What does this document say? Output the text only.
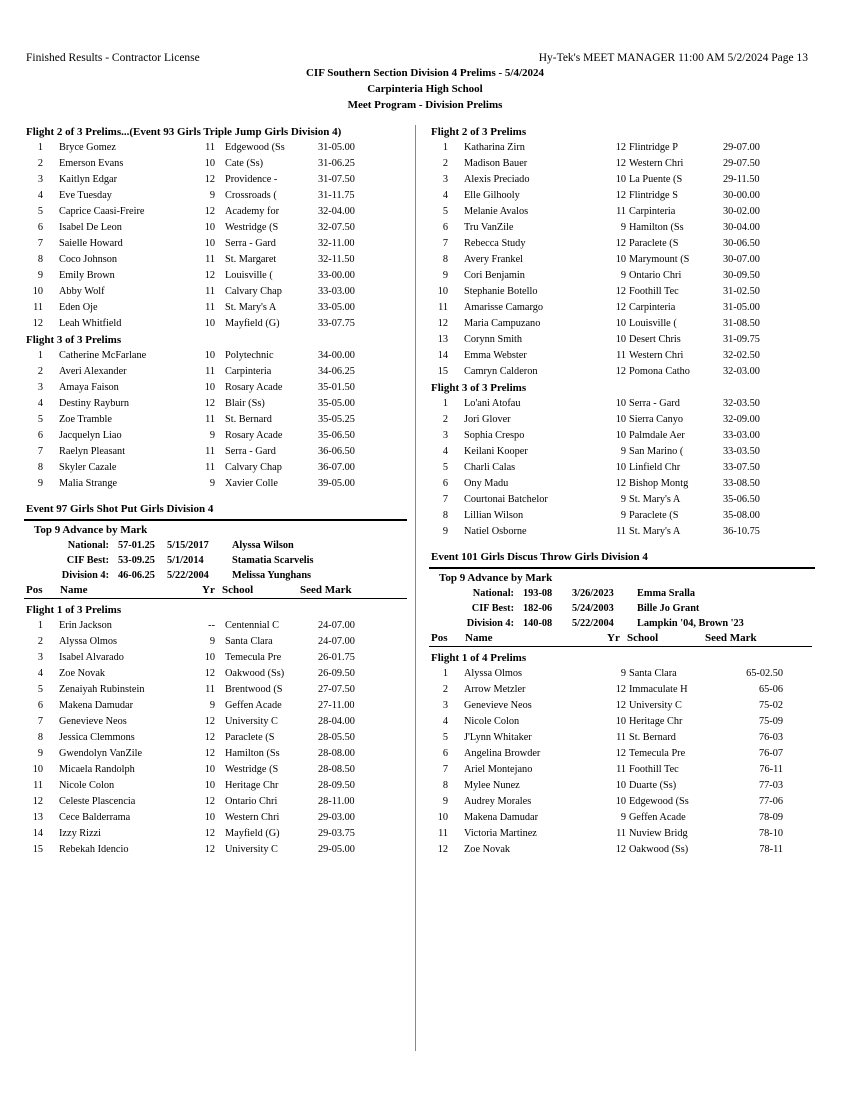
Finished Results - Contractor License	Hy-Tek's MEET MANAGER 11:00 AM 5/2/2024 Page 13
CIF Southern Section Division 4 Prelims - 5/4/2024
Carpinteria High School
Meet Program - Division Prelims
Flight 2 of 3 Prelims...(Event 93 Girls Triple Jump Girls Division 4)
1 Bryce Gomez	11 Edgewood (Ss	31-05.00
2 Emerson Evans	10 Cate (Ss)	31-06.25
3 Kaitlyn Edgar	12 Providence -	31-07.50
4 Eve Tuesday	9 Crossroads (	31-11.75
5 Caprice Caasi-Freire	12 Academy for	32-04.00
6 Isabel De Leon	10 Westridge (S	32-07.50
7 Saielle Howard	10 Serra - Gard	32-11.00
8 Coco Johnson	11 St. Margaret	32-11.50
9 Emily Brown	12 Louisville (	33-00.00
10 Abby Wolf	11 Calvary Chap	33-03.00
11 Eden Oje	11 St. Mary's A	33-05.00
12 Leah Whitfield	10 Mayfield (G)	33-07.75
Flight 3 of 3 Prelims
1 Catherine McFarlane	10 Polytechnic	34-00.00
2 Averi Alexander	11 Carpinteria	34-06.25
3 Amaya Faison	10 Rosary Acade	35-01.50
4 Destiny Rayburn	12 Blair (Ss)	35-05.00
5 Zoe Tramble	11 St. Bernard	35-05.25
6 Jacquelyn Liao	9 Rosary Acade	35-06.50
7 Raelyn Pleasant	11 Serra - Gard	36-06.50
8 Skyler Cazale	11 Calvary Chap	36-07.00
9 Malia Strange	9 Xavier Colle	39-05.00
Event 97 Girls Shot Put Girls Division 4
Top 9 Advance by Mark
National: 57-01.25 5/15/2017 Alyssa Wilson
CIF Best: 53-09.25 5/1/2014	Stamatia Scarvelis
Division 4: 46-06.25 5/22/2004 Melissa Yunghans
Pos Name	Yr School	Seed Mark
Flight 1 of 3 Prelims
1 Erin Jackson	-- Centennial C	24-07.00
2 Alyssa Olmos	9 Santa Clara	24-07.00
3 Isabel Alvarado	10 Temecula Pre	26-01.75
4 Zoe Novak	12 Oakwood (Ss)	26-09.50
5 Zenaiyah Rubinstein	11 Brentwood (S	27-07.50
6 Makena Damudar	9 Geffen Acade	27-11.00
7 Genevieve Neos	12 University C	28-04.00
8 Jessica Clemmons	12 Paraclete (S	28-05.50
9 Gwendolyn VanZile	12 Hamilton (Ss	28-08.00
10 Micaela Randolph	10 Westridge (S	28-08.50
11 Nicole Colon	10 Heritage Chr	28-09.50
12 Celeste Plascencia	12 Ontario Chri	28-11.00
13 Cece Balderrama	10 Western Chri	29-03.00
14 Izzy Rizzi	12 Mayfield (G)	29-03.75
15 Rebekah Idencio	12 University C	29-05.00
Flight 2 of 3 Prelims
1 Katharina Zirn	12 Flintridge P	29-07.00
2 Madison Bauer	12 Western Chri	29-07.50
3 Alexis Preciado	10 La Puente (S	29-11.50
4 Elle Gilhooly	12 Flintridge S	30-00.00
5 Melanie Avalos	11 Carpinteria	30-02.00
6 Tru VanZile	9 Hamilton (Ss	30-04.00
7 Rebecca Study	12 Paraclete (S	30-06.50
8 Avery Frankel	10 Marymount (S	30-07.00
9 Cori Benjamin	9 Ontario Chri	30-09.50
10 Stephanie Botello	12 Foothill Tec	31-02.50
11 Amarisse Camargo	12 Carpinteria	31-05.00
12 Maria Campuzano	10 Louisville (	31-08.50
13 Corynn Smith	10 Desert Chris	31-09.75
14 Emma Webster	11 Western Chri	32-02.50
15 Camryn Calderon	12 Pomona Catho	32-03.00
Flight 3 of 3 Prelims
1 Lo'ani Atofau	10 Serra - Gard	32-03.50
2 Jori Glover	10 Sierra Canyo	32-09.00
3 Sophia Crespo	10 Palmdale Aer	33-03.00
4 Keilani Kooper	9 San Marino (	33-03.50
5 Charli Calas	10 Linfield Chr	33-07.50
6 Ony Madu	12 Bishop Montg	33-08.50
7 Courtonai Batchelor	9 St. Mary's A	35-06.50
8 Lillian Wilson	9 Paraclete (S	35-08.00
9 Natiel Osborne	11 St. Mary's A	36-10.75
Event 101 Girls Discus Throw Girls Division 4
Top 9 Advance by Mark
National: 193-08 3/26/2023 Emma Sralla
CIF Best: 182-06 5/24/2003 Bille Jo Grant
Division 4: 140-08 5/22/2004 Lampkin '04, Brown '23
Pos Name	Yr School	Seed Mark
Flight 1 of 4 Prelims
1 Alyssa Olmos	9 Santa Clara	65-02.50
2 Arrow Metzler	12 Immaculate H	65-06
3 Genevieve Neos	12 University C	75-02
4 Nicole Colon	10 Heritage Chr	75-09
5 J'Lynn Whitaker	11 St. Bernard	76-03
6 Angelina Browder	12 Temecula Pre	76-07
7 Ariel Montejano	11 Foothill Tec	76-11
8 Mylee Nunez	10 Duarte (Ss)	77-03
9 Audrey Morales	10 Edgewood (Ss	77-06
10 Makena Damudar	9 Geffen Acade	78-09
11 Victoria Martinez	11 Nuview Bridg	78-10
12 Zoe Novak	12 Oakwood (Ss)	78-11
